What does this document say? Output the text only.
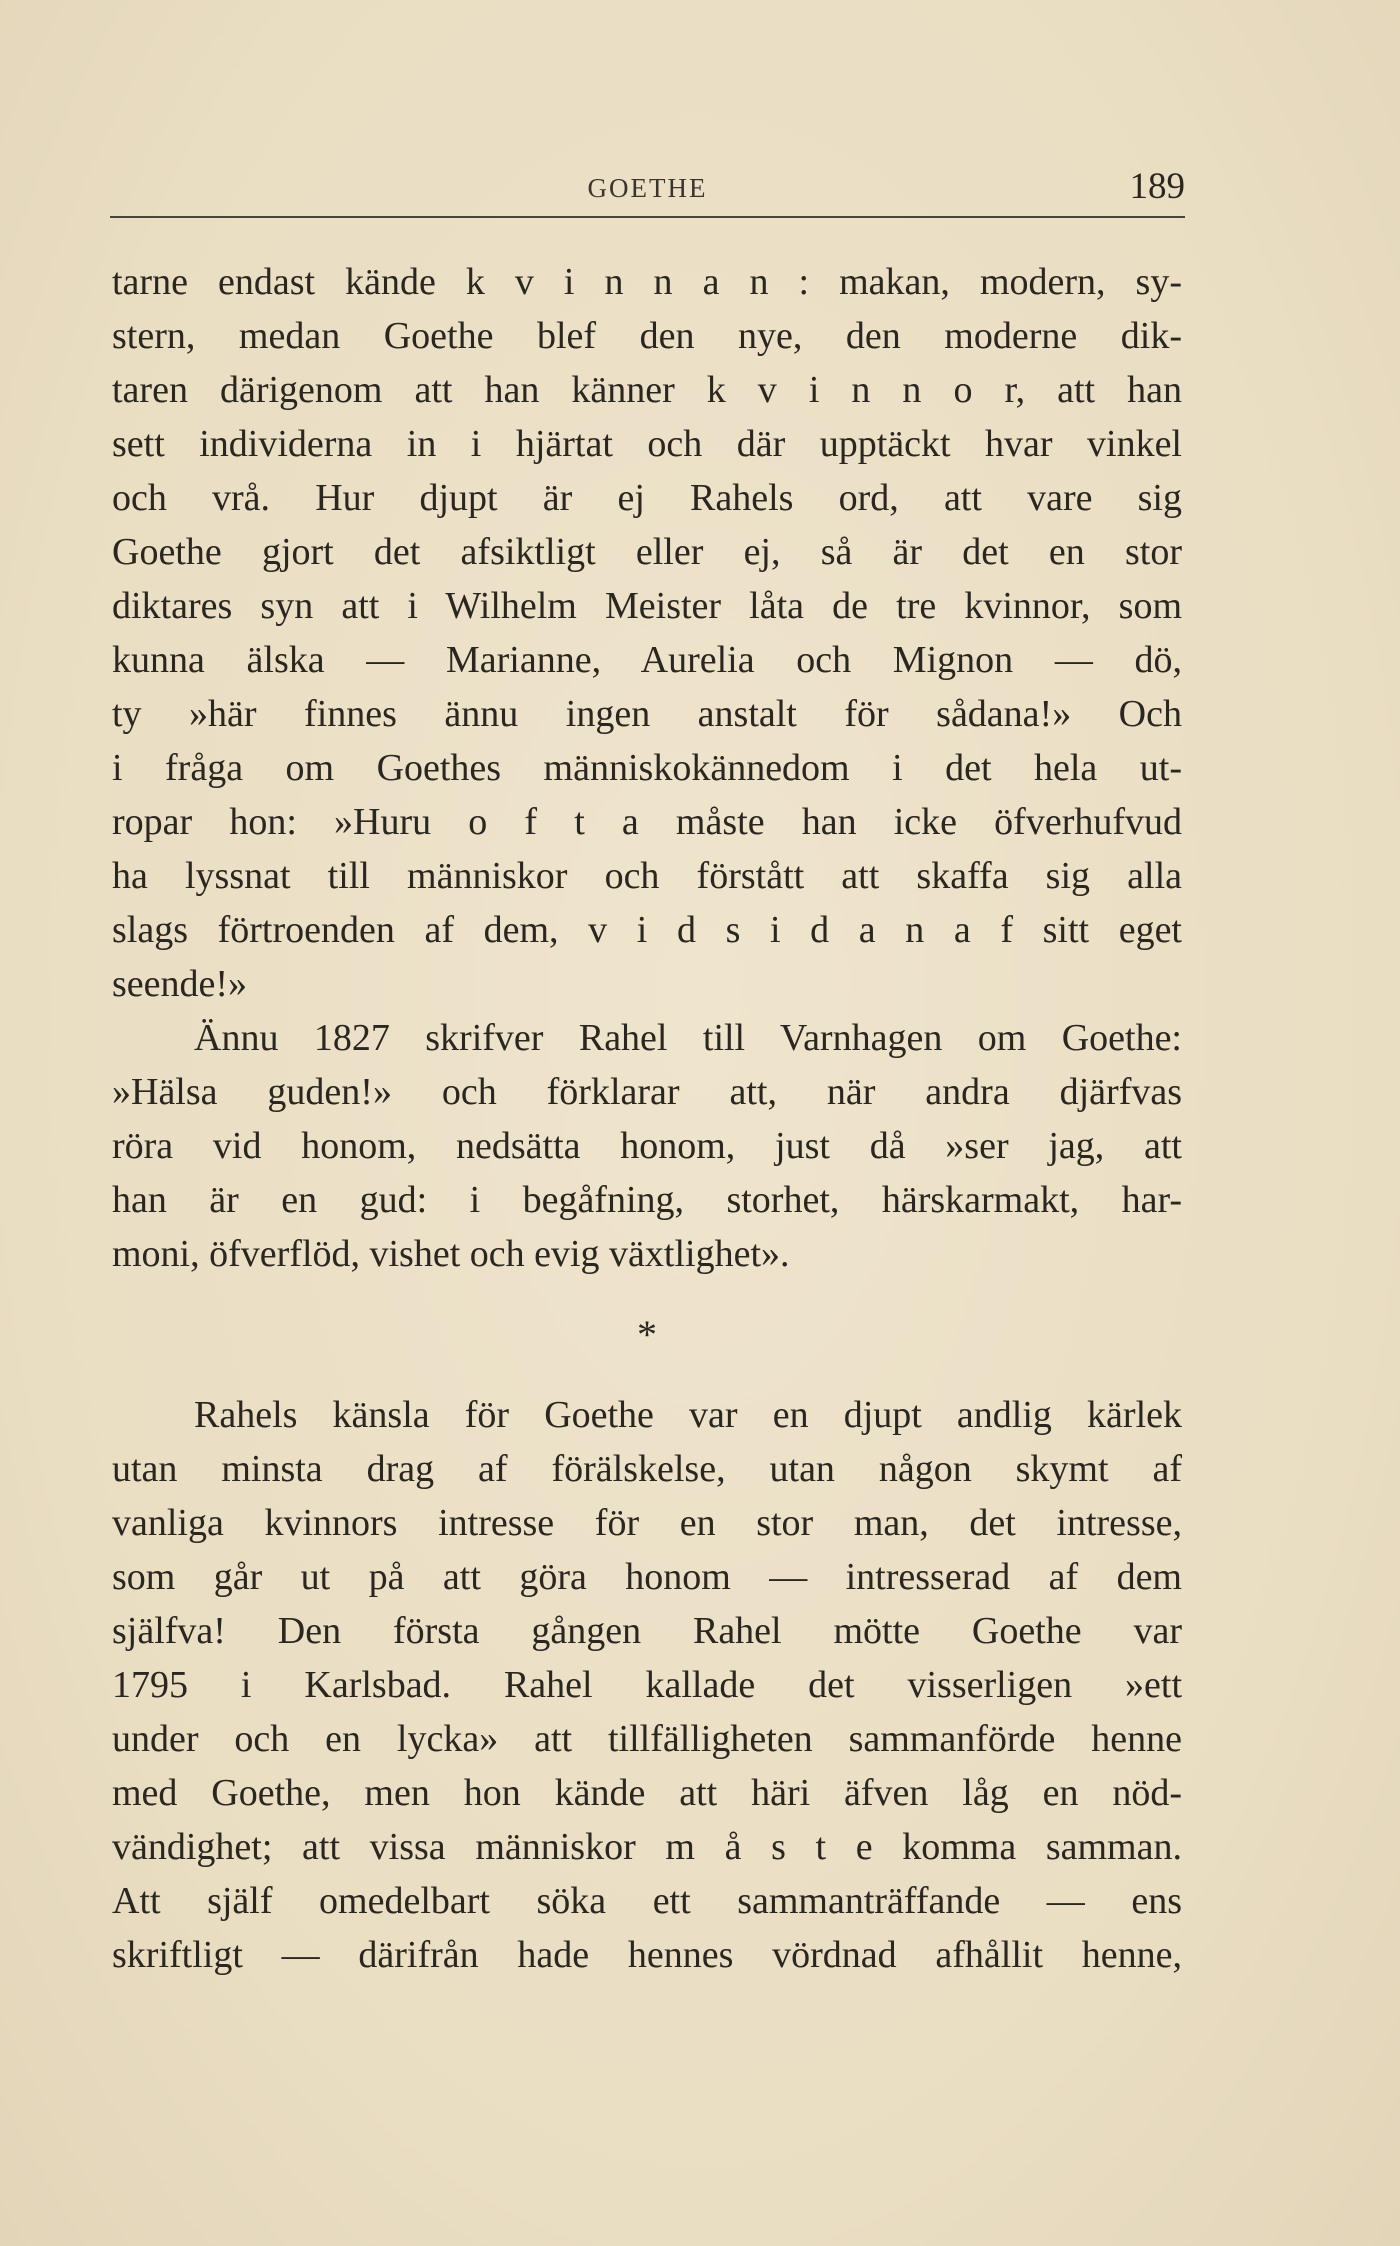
GOETHE	189
tarne endast kände k v i n n a n : makan, modern, sy-
stern, medan Goethe blef den nye, den moderne dik-
taren därigenom att han känner k v i n n o r, att han
sett individerna in i hjärtat och där upptäckt hvar vinkel
och vrå. Hur djupt är ej Rahels ord, att vare sig
Goethe gjort det afsiktligt eller ej, så är det en stor
diktares syn att i Wilhelm Meister låta de tre kvinnor, som
kunna älska — Marianne, Aurelia och Mignon — dö,
ty »här finnes ännu ingen anstalt för sådana!» Och
i fråga om Goethes människokännedom i det hela ut-
ropar hon: »Huru o f t a måste han icke öfverhufvud
ha lyssnat till människor och förstått att skaffa sig alla
slags förtroenden af dem, v i d s i d a n a f sitt eget
seende!»
Ännu 1827 skrifver Rahel till Varnhagen om Goethe:
»Hälsa guden!» och förklarar att, när andra djärfvas
röra vid honom, nedsätta honom, just då »ser jag, att
han är en gud: i begåfning, storhet, härskarmakt, har-
moni, öfverflöd, vishet och evig växtlighet».
*
Rahels känsla för Goethe var en djupt andlig kärlek
utan minsta drag af förälskelse, utan någon skymt af
vanliga kvinnors intresse för en stor man, det intresse,
som går ut på att göra honom — intresserad af dem
själfva! Den första gången Rahel mötte Goethe var
1795 i Karlsbad. Rahel kallade det visserligen »ett
under och en lycka» att tillfälligheten sammanförde henne
med Goethe, men hon kände att häri äfven låg en nöd-
vändighet; att vissa människor m å s t e komma samman.
Att själf omedelbart söka ett sammanträffande — ens
skriftligt — därifrån hade hennes vördnad afhållit henne,
